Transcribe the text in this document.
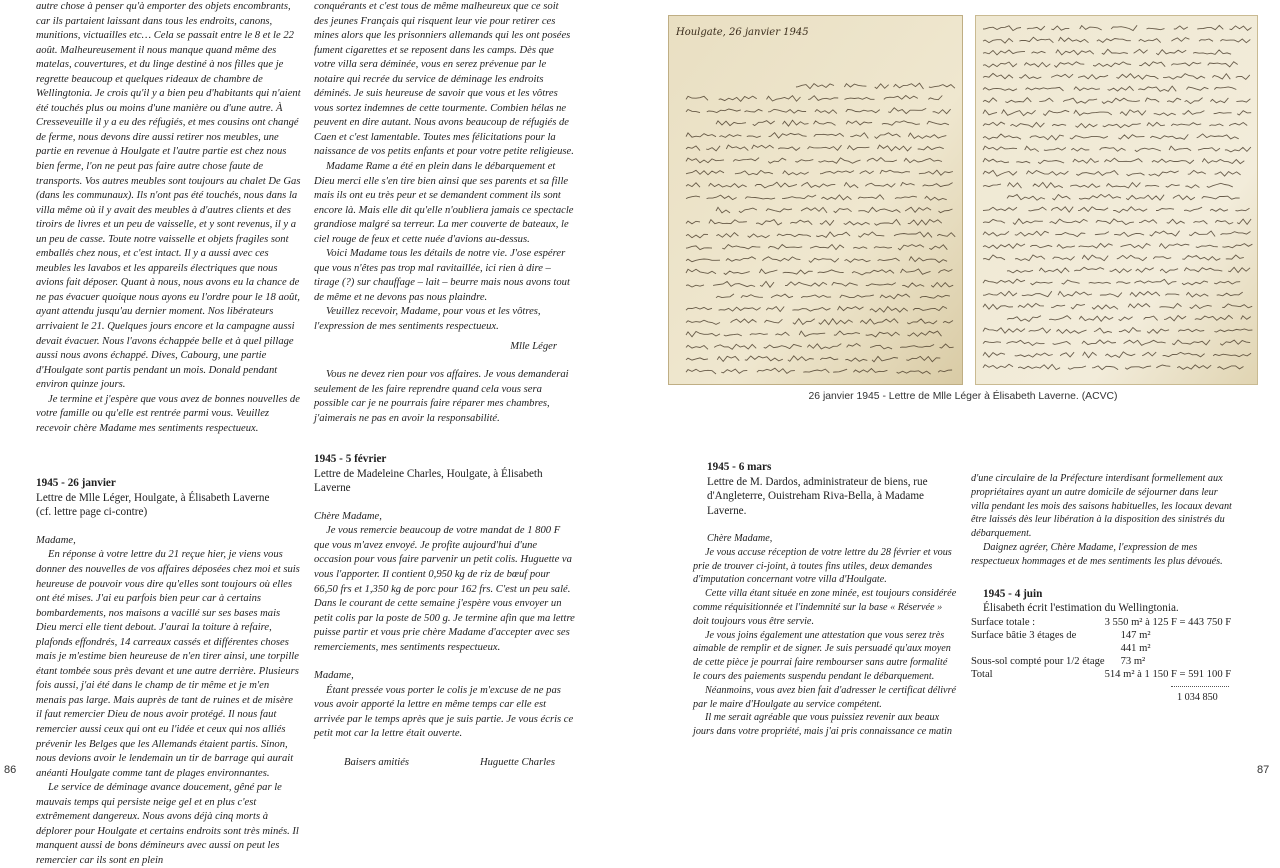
autre chose à penser qu'à emporter des objets encombrants, car ils partaient laissant dans tous les endroits, canons, munitions, victuailles etc… Cela se passait entre le 8 et le 22 août. Malheureusement il nous manque quand même des matelas, couvertures, et du linge destiné à nos filles que je regrette beaucoup et quelques rideaux de chambre de Wellingtonia. Je crois qu'il y a bien peu d'habitants qui n'aient été touchés plus ou moins d'une manière ou d'une autre. À Cresseveuille il y a eu des réfugiés, et mes cousins ont changé de ferme, nous devons dire aussi retirer nos meubles, une partie en revenue à Houlgate et l'autre partie est chez nous bien ferme, l'on ne peut pas faire autre chose faute de transports. Vos autres meubles sont toujours au chalet De Gas (dans les communaux). Ils n'ont pas été touchés, nous dans la villa même où il y avait des meubles à d'autres clients et des tiroirs de livres et un peu de vaisselle, et y sont revenus, il y a un peu de casse. Toute notre vaisselle et objets fragiles sont emballés chez nous, et c'est intact. Il y a aussi avec ces meubles les lavabos et les appareils électriques que nous avions fait déposer. Quant à nous, nous avons eu la chance de ne pas évacuer quoique nous ayons eu l'ordre pour le 18 août, ayant attendu jusqu'au dernier moment. Nos libérateurs arrivaient le 21. Quelques jours encore et la campagne aussi devait évacuer. Nous l'avons échappée belle et à quel pillage aussi nous avons échappé. Dives, Cabourg, une partie d'Houlgate sont partis pendant un mois. Donald pendant environ quinze jours.

Je termine et j'espère que vous avez de bonnes nouvelles de votre famille ou qu'elle est rentrée parmi vous. Veuillez recevoir chère Madame mes sentiments respectueux.

1945 - 26 janvier
Lettre de Mlle Léger, Houlgate, à Élisabeth Laverne
(cf. lettre page ci-contre)

Madame,

En réponse à votre lettre du 21 reçue hier, je viens vous donner des nouvelles de vos affaires déposées chez moi et suis heureuse de pouvoir vous dire qu'elles sont toujours où elles ont été mises. J'ai eu parfois bien peur car à certains bombardements, nos maisons a vacillé sur ses bases mais Dieu merci elle tient debout. J'aurai la toiture à refaire, plafonds effondrés, 14 carreaux cassés et différentes choses mais je m'estime bien heureuse de n'en tirer ainsi, une torpille étant tombée sous près devant et une autre derrière. Plusieurs fois aussi, j'ai été dans le champ de tir même et je m'en menais pas large. Mais auprès de tant de ruines et de misère il faut remercier Dieu de nous avoir protégé. Il nous faut remercier aussi ceux qui ont eu l'idée et ceux qui nos alliés prévenir les Belges que les Allemands étaient partis. Sinon, nous devions avoir le lendemain un tir de barrage qui aurait anéanti Houlgate comme tant de plages environnantes.

Le service de déminage avance doucement, gêné par le mauvais temps qui persiste neige gel et en plus c'est extrêmement dangereux. Nous avons déjà cinq morts à déplorer pour Houlgate et certains endroits sont très minés. Il manquent aussi de bons démineurs avec aussi on peut les remercier car ils sont en plein

conquérants et c'est tous de même malheureux que ce soit des jeunes Français qui risquent leur vie pour retirer ces mines alors que les prisonniers allemands qui les ont posées fument cigarettes et se reposent dans les camps. Dès que votre villa sera déminée, vous en serez prévenue par le notaire qui recrée du service de déminage les endroits déminés. Je suis heureuse de savoir que vous et les vôtres vous sortez indemnes de cette tourmente. Combien hélas ne peuvent en dire autant. Nous avons beaucoup de réfugiés de Caen et c'est lamentable. Toutes mes félicitations pour la naissance de vos petits enfants et pour votre petite religieuse.

Madame Rame a été en plein dans le débarquement et Dieu merci elle s'en tire bien ainsi que ses parents et sa fille mais ils ont eu très peur et se demandent comment ils sont encore là. Mais elle dit qu'elle n'oubliera jamais ce spectacle grandiose malgré sa terreur. La mer couverte de bateaux, le ciel rouge de feux et cette nuée d'avions au-dessus.

Voici Madame tous les détails de notre vie. J'ose espérer que vous n'êtes pas trop mal ravitaillée, ici rien à dire – tirage (?) sur chauffage – lait – beurre mais nous avons tout de même et ne devons pas nous plaindre.

Veuillez recevoir, Madame, pour vous et les vôtres, l'expression de mes sentiments respectueux.

Mlle Léger

Vous ne devez rien pour vos affaires. Je vous demanderai seulement de les faire reprendre quand cela vous sera possible car je ne pourrais faire réparer mes chambres, j'aimerais ne pas en avoir la responsabilité.

1945 - 5 février
Lettre de Madeleine Charles, Houlgate, à Élisabeth Laverne

Chère Madame,

Je vous remercie beaucoup de votre mandat de 1 800 F que vous m'avez envoyé. Je profite aujourd'hui d'une occasion pour vous faire parvenir un petit colis. Huguette va vous l'apporter. Il contient 0,950 kg de riz de bœuf pour 66,50 frs et 1,350 kg de porc pour 162 frs. C'est un peu salé. Dans le courant de cette semaine j'espère vous envoyer un petit colis par la poste de 500 g. Je termine afin que ma lettre puisse partir et vous prie chère Madame d'accepter avec ses remerciements, mes sentiments respectueux.

Madame,

Étant pressée vous porter le colis je m'excuse de ne pas vous avoir apporté la lettre en même temps car elle est arrivée par le temps après que je suis partie. Je vous écris ce petit mot car la lettre était ouverte.

Baisers amitiés	Huguette Charles
Houlgate, 26 janvier 1945
26 janvier 1945 - Lettre de Mlle Léger à Élisabeth Laverne. (ACVC)
1945 - 6 mars
Lettre de M. Dardos, administrateur de biens, rue d'Angleterre, Ouistreham Riva-Bella, à Madame Laverne.

Chère Madame,

Je vous accuse réception de votre lettre du 28 février et vous prie de trouver ci-joint, à toutes fins utiles, deux demandes d'imputation concernant votre villa d'Houlgate.

Cette villa étant située en zone minée, est toujours considérée comme réquisitionnée et l'indemnité sur la base « Réservée » doit toujours vous être servie.

Je vous joins également une attestation que vous serez très aimable de remplir et de signer. Je suis persuadé qu'aux moyen de cette pièce je pourrai faire rembourser sans autre formalité le cours des paiements suspendu pendant le débarquement.

Néanmoins, vous avez bien fait d'adresser le certificat délivré par le maire d'Houlgate au service compétent.

Il me serait agréable que vous puissiez revenir aux beaux jours dans votre propriété, mais j'ai pris connaissance ce matin

d'une circulaire de la Préfecture interdisant formellement aux propriétaires ayant un autre domicile de séjourner dans leur villa pendant les mois des saisons habituelles, les locaux devant être laissés dès leur libération à la disposition des sinistrés du débarquement.

Daignez agréer, Chère Madame, l'expression de mes respectueux hommages et de mes sentiments les plus dévoués.

1945 - 4 juin
Élisabeth écrit l'estimation du Wellingtonia.
Surface totale :	3 550 m² à 125 F = 443 750 F
Surface bâtie 3 étages de	147 m²
	441 m²
Sous-sol compté pour 1/2 étage	73 m²
Total	514 m² à 1 150 F = 591 100 F
1 034 850
86	87
